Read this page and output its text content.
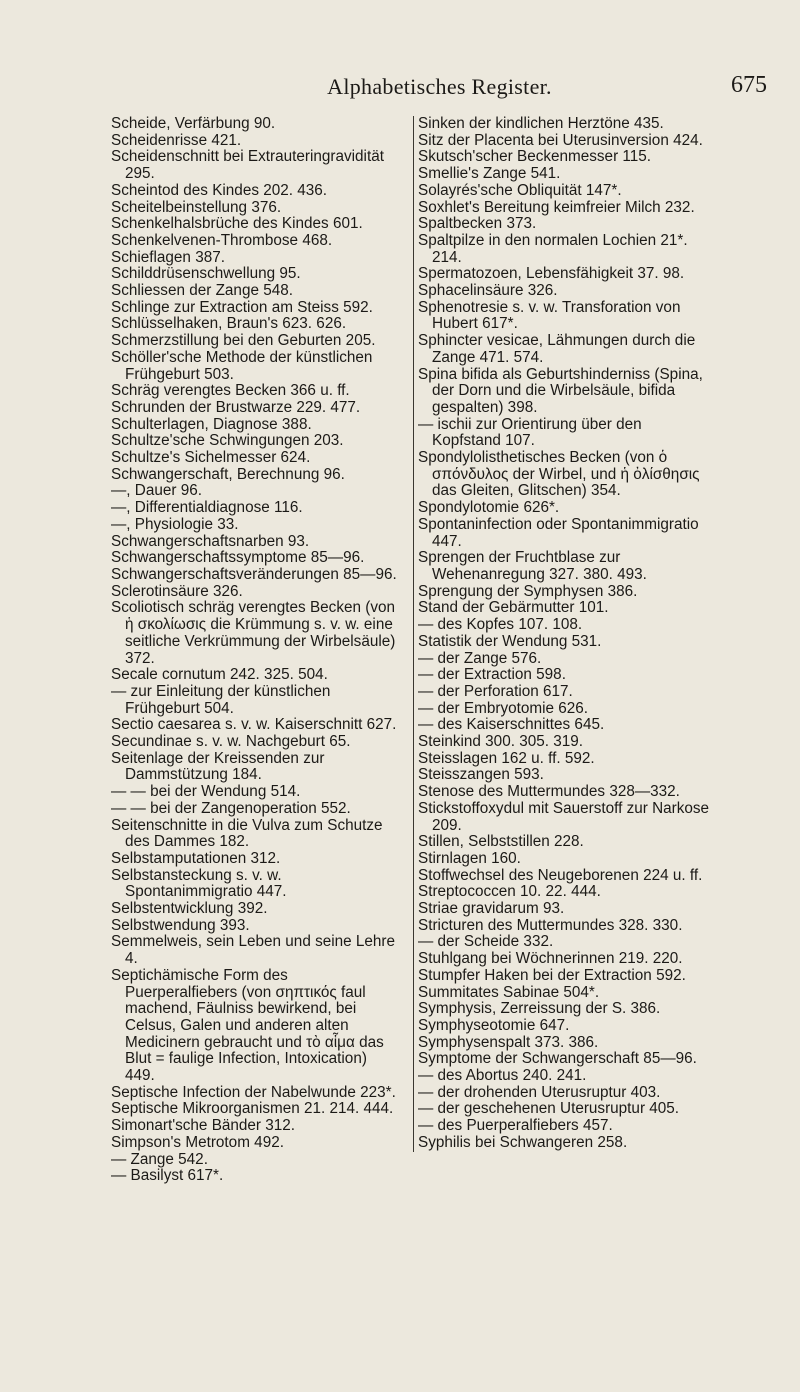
Alphabetisches Register.	675
Scheide, Verfärbung 90.
Scheidenrisse 421.
Scheidenschnitt bei Extrauteringravidität 295.
Scheintod des Kindes 202. 436.
Scheitelbeinstellung 376.
Schenkelhalsbrüche des Kindes 601.
Schenkelvenen-Thrombose 468.
Schieflagen 387.
Schilddrüsenschwellung 95.
Schliessen der Zange 548.
Schlinge zur Extraction am Steiss 592.
Schlüsselhaken, Braun's 623. 626.
Schmerzstillung bei den Geburten 205.
Schöller'sche Methode der künstlichen Frühgeburt 503.
Schräg verengtes Becken 366 u. ff.
Schrunden der Brustwarze 229. 477.
Schulterlagen, Diagnose 388.
Schultze'sche Schwingungen 203.
Schultze's Sichelmesser 624.
Schwangerschaft, Berechnung 96.
—, Dauer 96.
—, Differentialdiagnose 116.
—, Physiologie 33.
Schwangerschaftsnarben 93.
Schwangerschaftssymptome 85—96.
Schwangerschaftsveränderungen 85—96.
Sclerotinsäure 326.
Scoliotisch schräg verengtes Becken (von ἡ σκολίωσις die Krümmung s. v. w. eine seitliche Verkrümmung der Wirbelsäule) 372.
Secale cornutum 242. 325. 504.
— zur Einleitung der künstlichen Frühgeburt 504.
Sectio caesarea s. v. w. Kaiserschnitt 627.
Secundinae s. v. w. Nachgeburt 65.
Seitenlage der Kreissenden zur Dammstützung 184.
— — bei der Wendung 514.
— — bei der Zangenoperation 552.
Seitenschnitte in die Vulva zum Schutze des Dammes 182.
Selbstamputationen 312.
Selbstansteckung s. v. w. Spontanimmigratio 447.
Selbstentwicklung 392.
Selbstwendung 393.
Semmelweis, sein Leben und seine Lehre 4.
Septichämische Form des Puerperalfiebers (von σηπτικός faul machend, Fäulniss bewirkend, bei Celsus, Galen und anderen alten Medicinern gebraucht und τὸ αἷμα das Blut = faulige Infection, Intoxication) 449.
Septische Infection der Nabelwunde 223*.
Septische Mikroorganismen 21. 214. 444.
Simonart'sche Bänder 312.
Simpson's Metrotom 492.
— Zange 542.
— Basilyst 617*.
Sinken der kindlichen Herztöne 435.
Sitz der Placenta bei Uterusinversion 424.
Skutsch'scher Beckenmesser 115.
Smellie's Zange 541.
Solayrés'sche Obliquität 147*.
Soxhlet's Bereitung keimfreier Milch 232.
Spaltbecken 373.
Spaltpilze in den normalen Lochien 21*. 214.
Spermatozoen, Lebensfähigkeit 37. 98.
Sphacelinsäure 326.
Sphenotresie s. v. w. Transforation von Hubert 617*.
Sphincter vesicae, Lähmungen durch die Zange 471. 574.
Spina bifida als Geburtshinderniss (Spina, der Dorn und die Wirbelsäule, bifida gespalten) 398.
— ischii zur Orientirung über den Kopfstand 107.
Spondylolisthetisches Becken (von ὁ σπόνδυλος der Wirbel, und ἡ ὀλίσθησις das Gleiten, Glitschen) 354.
Spondylotomie 626*.
Spontaninfection oder Spontanimmigratio 447.
Sprengen der Fruchtblase zur Wehenanregung 327. 380. 493.
Sprengung der Symphysen 386.
Stand der Gebärmutter 101.
— des Kopfes 107. 108.
Statistik der Wendung 531.
— der Zange 576.
— der Extraction 598.
— der Perforation 617.
— der Embryotomie 626.
— des Kaiserschnittes 645.
Steinkind 300. 305. 319.
Steisslagen 162 u. ff. 592.
Steisszangen 593.
Stenose des Muttermundes 328—332.
Stickstoffoxydul mit Sauerstoff zur Narkose 209.
Stillen, Selbststillen 228.
Stirnlagen 160.
Stoffwechsel des Neugeborenen 224 u. ff.
Streptococcen 10. 22. 444.
Striae gravidarum 93.
Stricturen des Muttermundes 328. 330.
— der Scheide 332.
Stuhlgang bei Wöchnerinnen 219. 220.
Stumpfer Haken bei der Extraction 592.
Summitates Sabinae 504*.
Symphysis, Zerreissung der S. 386.
Symphyseotomie 647.
Symphysenspalt 373. 386.
Symptome der Schwangerschaft 85—96.
— des Abortus 240. 241.
— der drohenden Uterusruptur 403.
— der geschehenen Uterusruptur 405.
— des Puerperalfiebers 457.
Syphilis bei Schwangeren 258.
